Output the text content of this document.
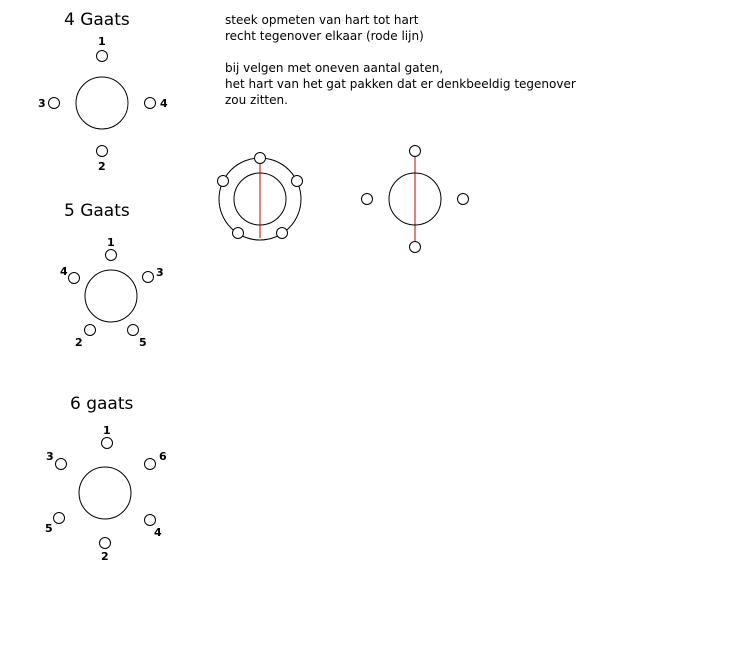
4 Gaats
1
2
3	4
5 Gaats
1
2
3
4
5
6 gaats
1
2
3
4
5
6

steek opmeten van hart tot hart

recht tegenover elkaar (rode lijn)

bij velgen met oneven aantal gaten,

het hart van het gat pakken dat er denkbeeldig tegenover

zou zitten.
